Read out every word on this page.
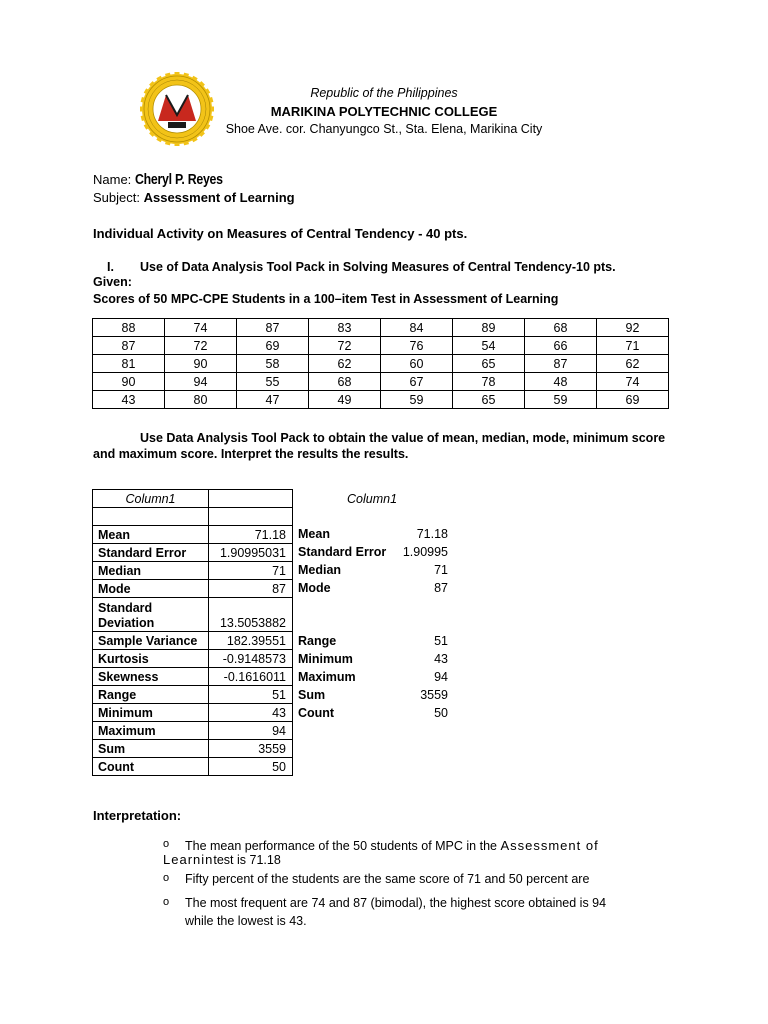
Republic of the Philippines
MARIKINA POLYTECHNIC COLLEGE
Shoe Ave. cor. Chanyungco St., Sta. Elena, Marikina City
Name: Cheryl P. Reyes
Subject: Assessment of Learning
Individual Activity on Measures of Central Tendency - 40 pts.
I. Use of Data Analysis Tool Pack in Solving Measures of Central Tendency-10 pts.
Given:
Scores of 50 MPC-CPE Students in a 100–item Test in Assessment of Learning
88	74	87	83	84	89	68	92
87	72	69	72	76	54	66	71
81	90	58	62	60	65	87	62
90	94	55	68	67	78	48	74
43	80	47	49	59	65	59	69
Use Data Analysis Tool Pack to obtain the value of mean, median, mode, minimum score and maximum score. Interpret the results the results.
Column1	

Mean	71.18
Standard Error	1.90995031
Median	71
Mode	87
Standard Deviation	13.5053882
Sample Variance	182.39551
Kurtosis	-0.9148573
Skewness	-0.1616011
Range	51
Minimum	43
Maximum	94
Sum	3559
Count	50
Column1
Mean	71.18
Standard Error 1.90995
Median	71
Mode	87
Range	51
Minimum	43
Maximum	94
Sum	3559
Count	50
Interpretation:
o The mean performance of the 50 students of MPC in the Assessment of
Learnintest is 71.18
o Fifty percent of the students are the same score of 71 and 50 percent are
o The most frequent are 74 and 87 (bimodal), the highest score obtained is 94
while the lowest is 43.
